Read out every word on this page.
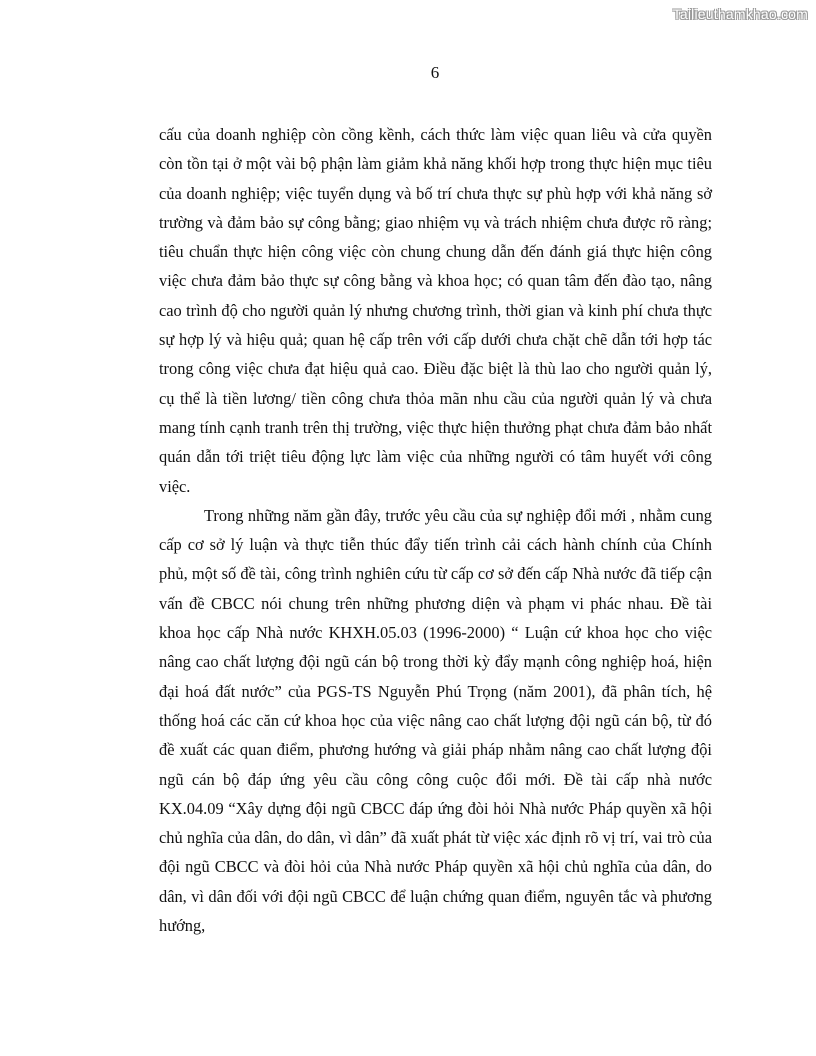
Tailieuthamkhao.com
6

cấu của doanh nghiệp còn cồng kềnh, cách thức làm việc quan liêu và cửa quyền còn tồn tại ở một vài bộ phận làm giảm khả năng khối hợp trong thực hiện mục tiêu của doanh nghiệp; việc tuyển dụng và bố trí chưa thực sự phù hợp với khả năng sở trường và đảm bảo sự công bằng; giao nhiệm vụ và trách nhiệm chưa được rõ ràng; tiêu chuẩn thực hiện công việc còn chung chung dẫn đến đánh giá thực hiện công việc chưa đảm bảo thực sự công bằng và khoa học; có quan tâm đến đào tạo, nâng cao trình độ cho người quản lý nhưng chương trình, thời gian và kinh phí chưa thực sự hợp lý và hiệu quả; quan hệ cấp trên với cấp dưới chưa chặt chẽ dẫn tới hợp tác trong công việc chưa đạt hiệu quả cao. Điều đặc biệt là thù lao cho người quản lý, cụ thể là tiền lương/ tiền công chưa thỏa mãn nhu cầu của người quản lý và chưa mang tính cạnh tranh trên thị trường, việc thực hiện thưởng phạt chưa đảm bảo nhất quán dẫn tới triệt tiêu động lực làm việc của những người có tâm huyết với công việc.

Trong những năm gần đây, trước yêu cầu của sự nghiệp đổi mới , nhằm cung cấp cơ sở lý luận và thực tiễn thúc đẩy tiến trình cải cách hành chính của Chính phủ, một số đề tài, công trình nghiên cứu từ cấp cơ sở đến cấp Nhà nước đã tiếp cận vấn đề CBCC nói chung trên những phương diện và phạm vi phác nhau. Đề tài khoa học cấp Nhà nước KHXH.05.03 (1996-2000) “ Luận cứ khoa học cho việc nâng cao chất lượng đội ngũ cán bộ trong thời kỳ đẩy mạnh công nghiệp hoá, hiện đại hoá đất nước” của PGS-TS Nguyễn Phú Trọng (năm 2001), đã phân tích, hệ thống hoá các căn cứ khoa học của việc nâng cao chất lượng đội ngũ cán bộ, từ đó đề xuất các quan điểm, phương hướng và giải pháp nhằm nâng cao chất lượng đội ngũ cán bộ đáp ứng yêu cầu công công cuộc đổi mới. Đề tài cấp nhà nước KX.04.09 “Xây dựng đội ngũ CBCC đáp ứng đòi hỏi Nhà nước Pháp quyền xã hội chủ nghĩa của dân, do dân, vì dân” đã xuất phát từ việc xác định rõ vị trí, vai trò của đội ngũ CBCC và đòi hỏi của Nhà nước Pháp quyền xã hội chủ nghĩa của dân, do dân, vì dân đối với đội ngũ CBCC để luận chứng quan điểm, nguyên tắc và phương hướng,
